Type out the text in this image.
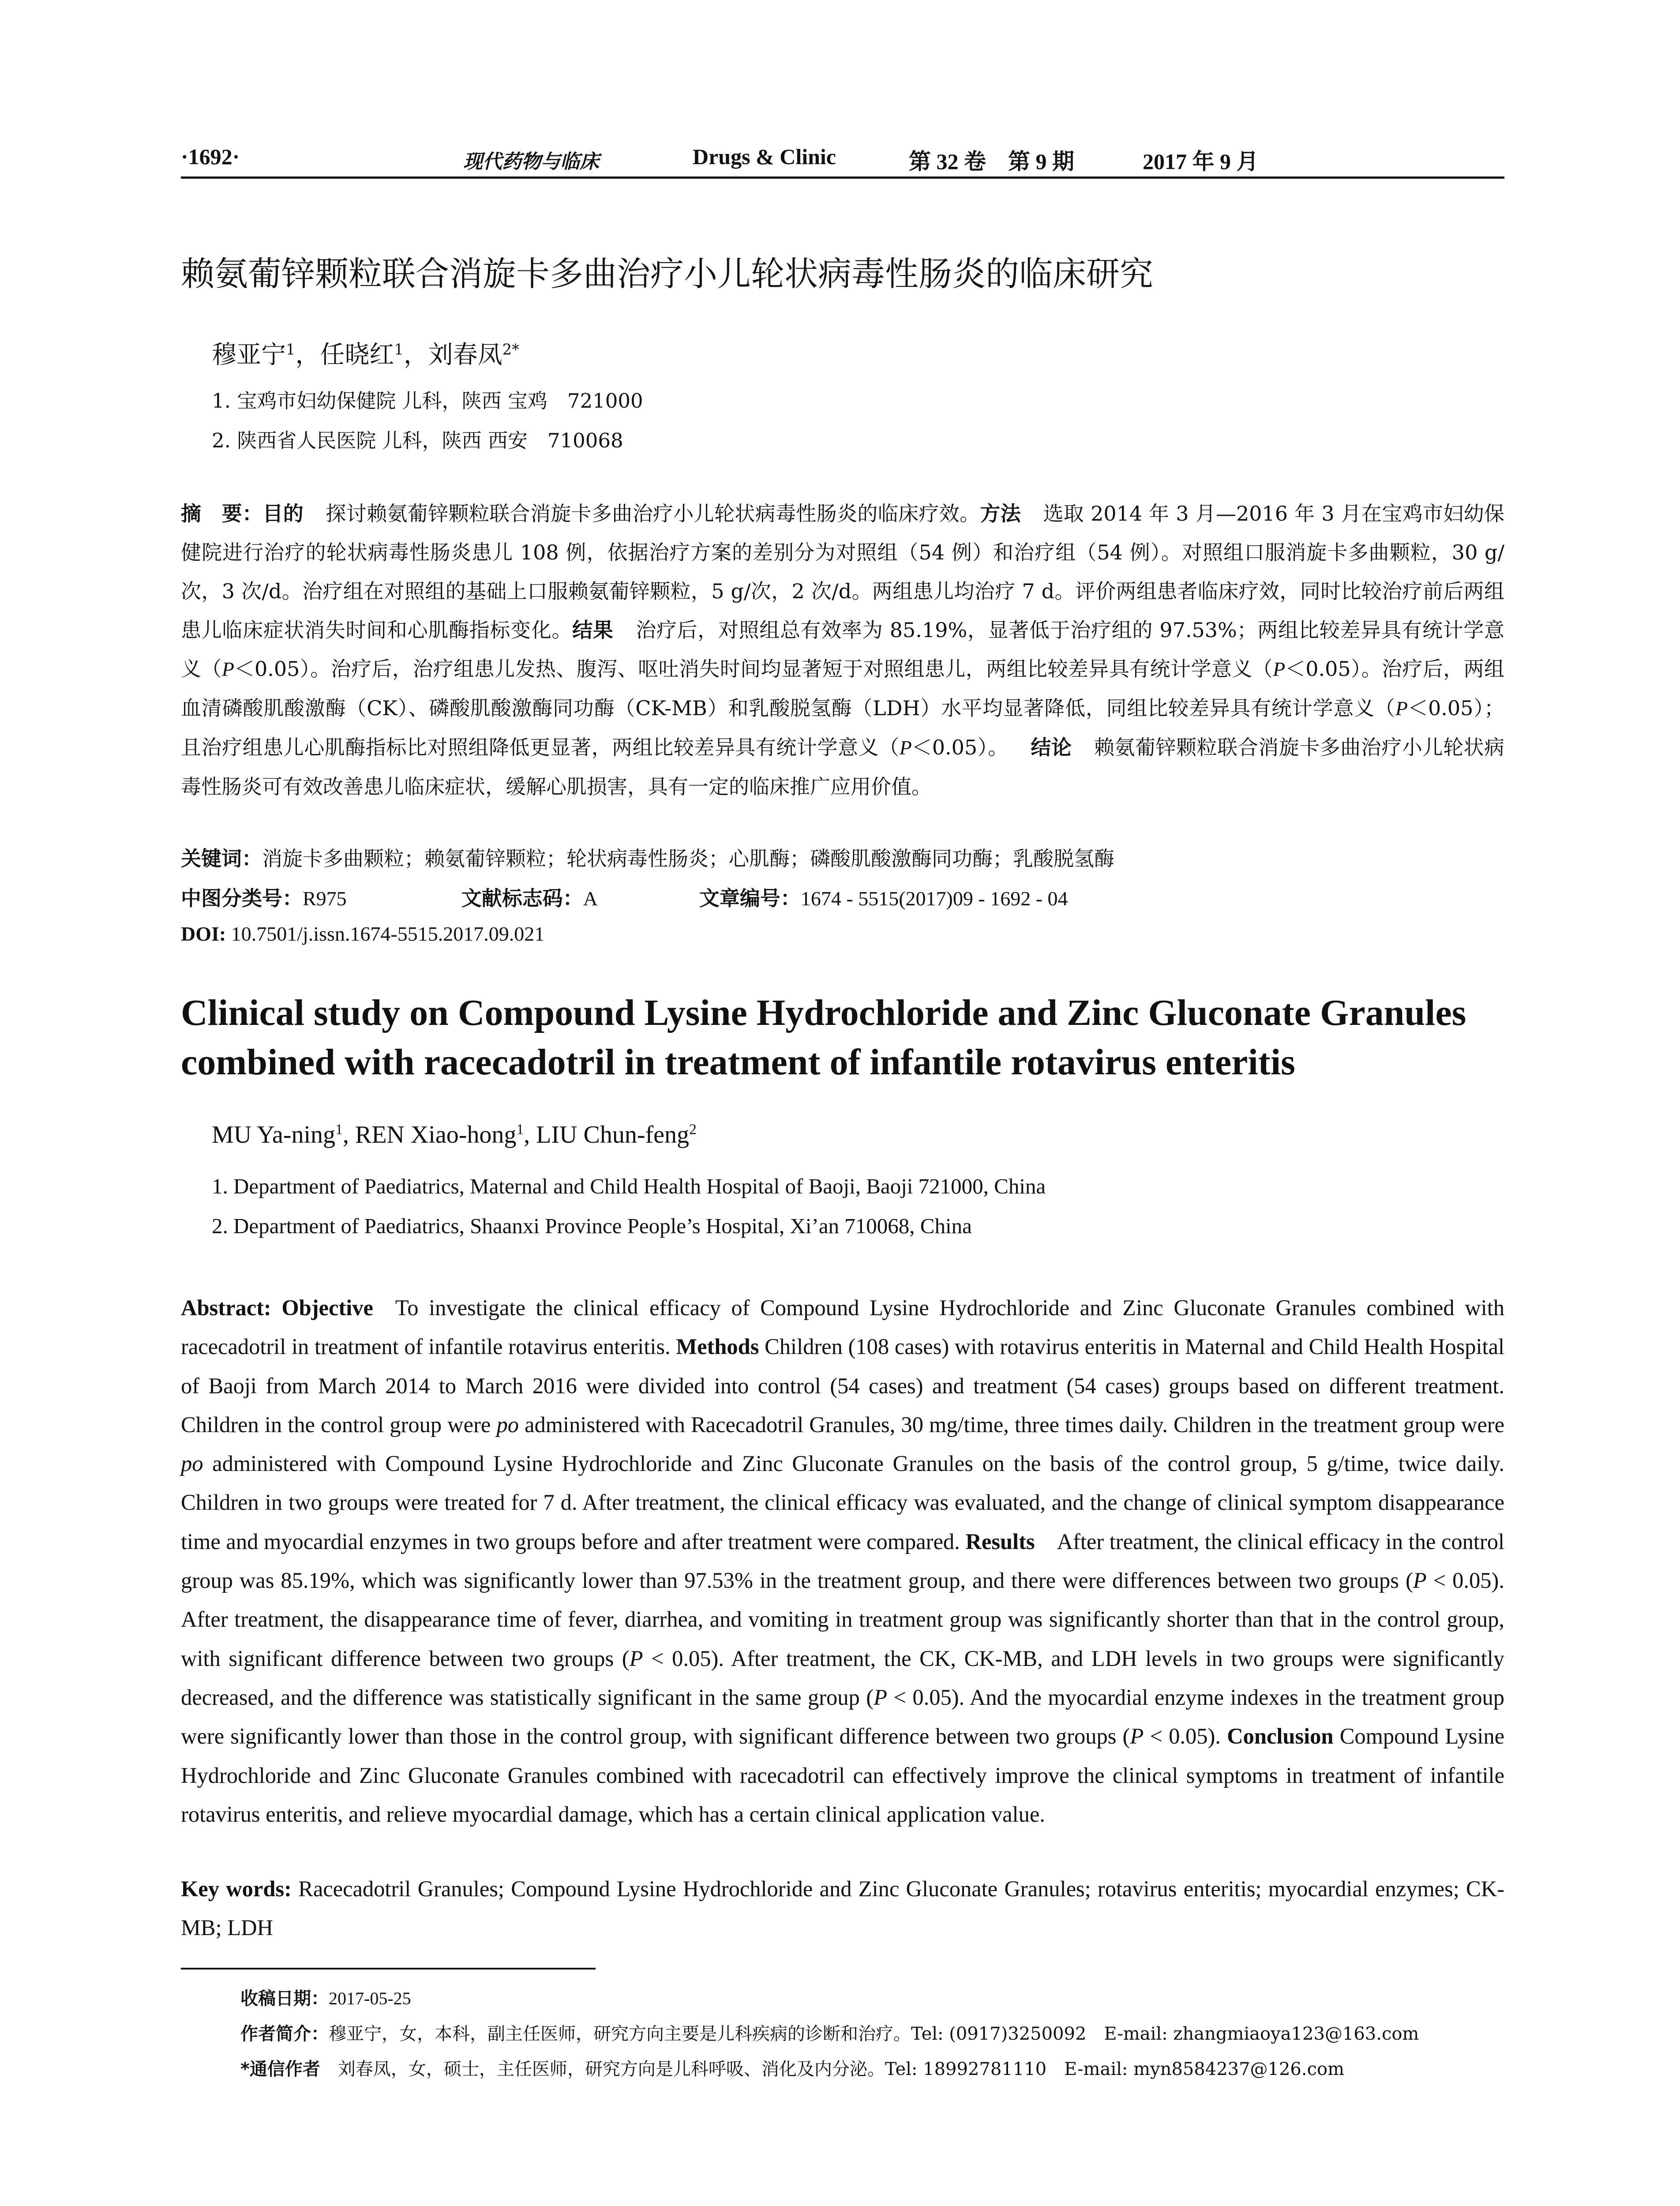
·1692·	现代药物与临床	Drugs & Clinic	第 32 卷　第 9 期	2017 年 9 月
赖氨葡锌颗粒联合消旋卡多曲治疗小儿轮状病毒性肠炎的临床研究
穆亚宁$^1$，任晓红$^1$，刘春凤$^{2*}$
1. 宝鸡市妇幼保健院 儿科，陕西 宝鸡　721000
2. 陕西省人民医院 儿科，陕西 西安　710068
摘　要：目的 探讨赖氨葡锌颗粒联合消旋卡多曲治疗小儿轮状病毒性肠炎的临床疗效。方法 选取 2014 年 3 月—2016 年 3 月在宝鸡市妇幼保健院进行治疗的轮状病毒性肠炎患儿 108 例，依据治疗方案的差别分为对照组（54 例）和治疗组（54 例）。对照组口服消旋卡多曲颗粒，30 g/次，3 次/d。治疗组在对照组的基础上口服赖氨葡锌颗粒，5 g/次，2 次/d。两组患儿均治疗 7 d。评价两组患者临床疗效，同时比较治疗前后两组患儿临床症状消失时间和心肌酶指标变化。结果 治疗后，对照组总有效率为 85.19%，显著低于治疗组的 97.53%；两组比较差异具有统计学意义（P＜0.05）。治疗后，治疗组患儿发热、腹泻、呕吐消失时间均显著短于对照组患儿，两组比较差异具有统计学意义（P＜0.05）。治疗后，两组血清磷酸肌酸激酶（CK）、磷酸肌酸激酶同功酶（CK-MB）和乳酸脱氢酶（LDH）水平均显著降低，同组比较差异具有统计学意义（P＜0.05）；且治疗组患儿心肌酶指标比对照组降低更显著，两组比较差异具有统计学意义（P＜0.05）。 结论 赖氨葡锌颗粒联合消旋卡多曲治疗小儿轮状病毒性肠炎可有效改善患儿临床症状，缓解心肌损害，具有一定的临床推广应用价值。
关键词：消旋卡多曲颗粒；赖氨葡锌颗粒；轮状病毒性肠炎；心肌酶；磷酸肌酸激酶同功酶；乳酸脱氢酶
中图分类号：R975	文献标志码：A	文章编号：1674 - 5515(2017)09 - 1692 - 04
DOI: 10.7501/j.issn.1674-5515.2017.09.021
Clinical study on Compound Lysine Hydrochloride and Zinc Gluconate Granules combined with racecadotril in treatment of infantile rotavirus enteritis
MU Ya-ning$^1$, REN Xiao-hong$^1$, LIU Chun-feng$^2$
1. Department of Paediatrics, Maternal and Child Health Hospital of Baoji, Baoji 721000, China
2. Department of Paediatrics, Shaanxi Province People’s Hospital, Xi’an 710068, China
Abstract: Objective To investigate the clinical efficacy of Compound Lysine Hydrochloride and Zinc Gluconate Granules combined with racecadotril in treatment of infantile rotavirus enteritis. Methods Children (108 cases) with rotavirus enteritis in Maternal and Child Health Hospital of Baoji from March 2014 to March 2016 were divided into control (54 cases) and treatment (54 cases) groups based on different treatment. Children in the control group were po administered with Racecadotril Granules, 30 mg/time, three times daily. Children in the treatment group were po administered with Compound Lysine Hydrochloride and Zinc Gluconate Granules on the basis of the control group, 5 g/time, twice daily. Children in two groups were treated for 7 d. After treatment, the clinical efficacy was evaluated, and the change of clinical symptom disappearance time and myocardial enzymes in two groups before and after treatment were compared. Results After treatment, the clinical efficacy in the control group was 85.19%, which was significantly lower than 97.53% in the treatment group, and there were differences between two groups (P < 0.05). After treatment, the disappearance time of fever, diarrhea, and vomiting in treatment group was significantly shorter than that in the control group, with significant difference between two groups (P < 0.05). After treatment, the CK, CK-MB, and LDH levels in two groups were significantly decreased, and the difference was statistically significant in the same group (P < 0.05). And the myocardial enzyme indexes in the treatment group were significantly lower than those in the control group, with significant difference between two groups (P < 0.05). Conclusion Compound Lysine Hydrochloride and Zinc Gluconate Granules combined with racecadotril can effectively improve the clinical symptoms in treatment of infantile rotavirus enteritis, and relieve myocardial damage, which has a certain clinical application value.
Key words: Racecadotril Granules; Compound Lysine Hydrochloride and Zinc Gluconate Granules; rotavirus enteritis; myocardial enzymes; CK-MB; LDH
收稿日期：2017-05-25
作者简介：穆亚宁，女，本科，副主任医师，研究方向主要是儿科疾病的诊断和治疗。Tel: (0917)3250092　E-mail: zhangmiaoya123@163.com
*通信作者 刘春凤，女，硕士，主任医师，研究方向是儿科呼吸、消化及内分泌。Tel: 18992781110　E-mail: myn8584237@126.com
